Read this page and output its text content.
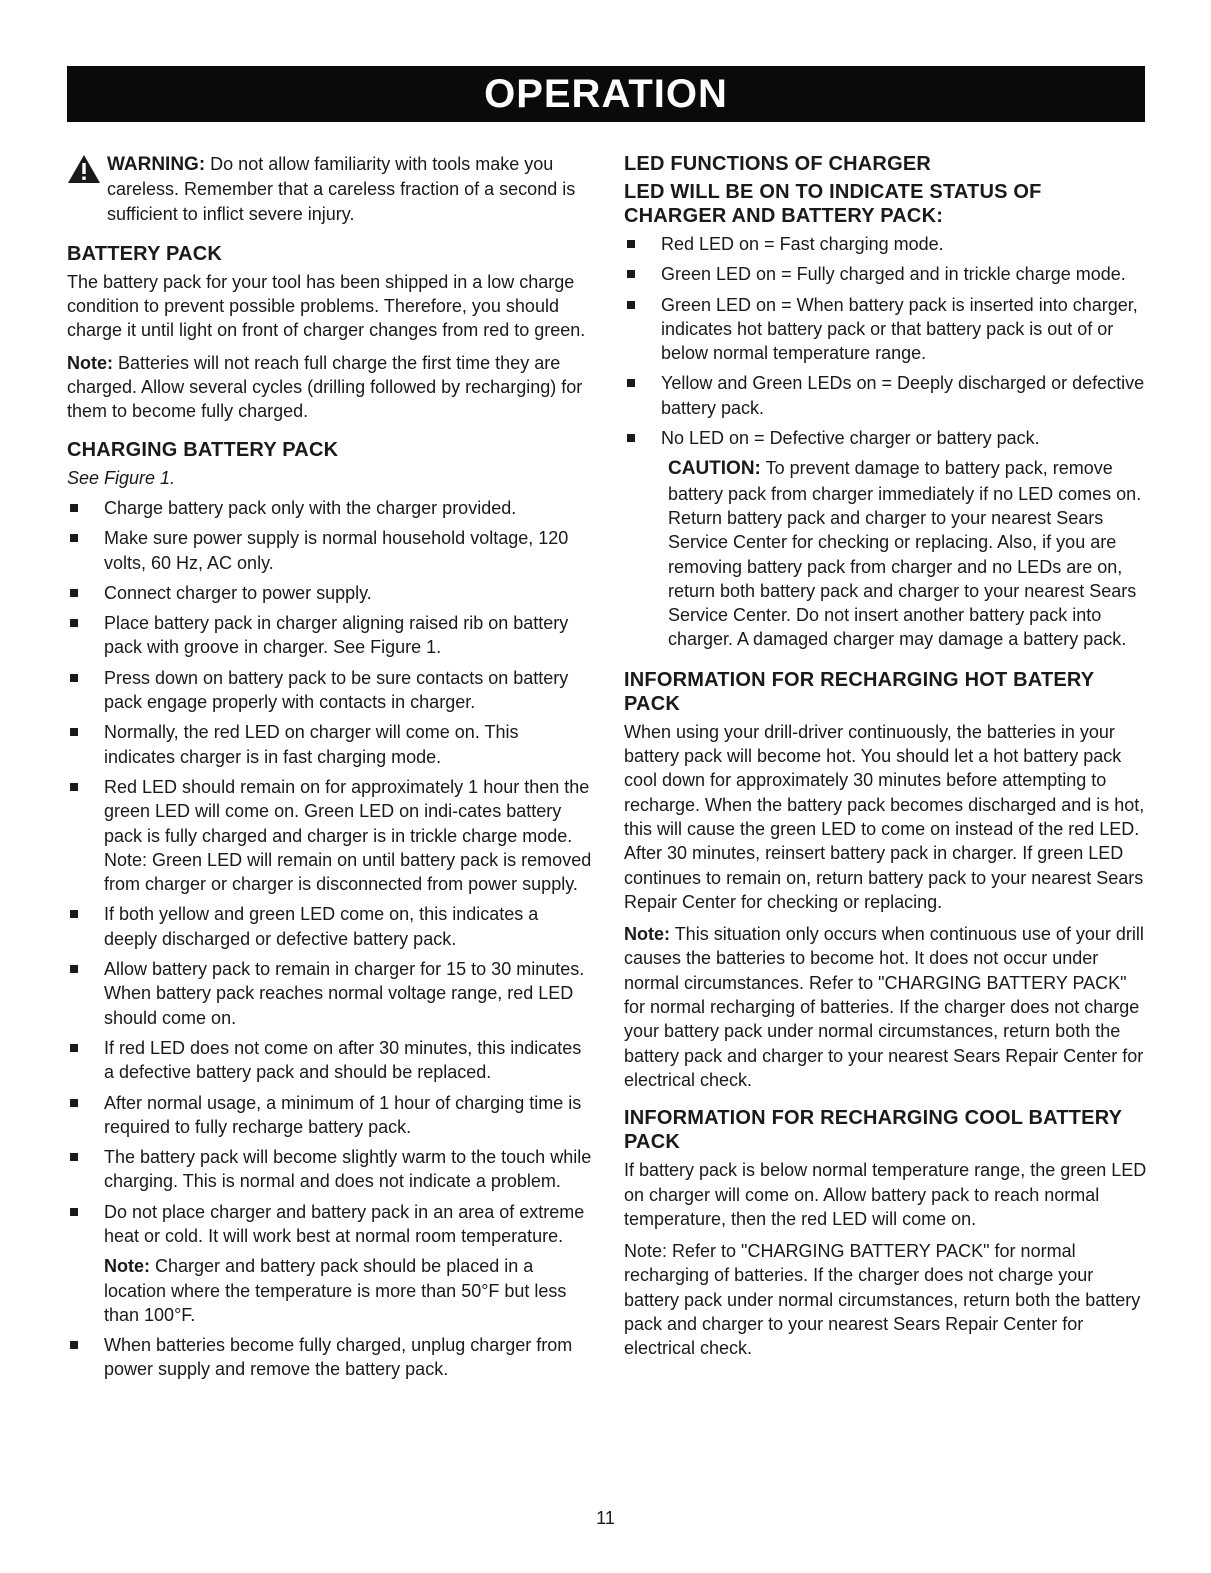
OPERATION
WARNING: Do not allow familiarity with tools make you careless. Remember that a careless fraction of a second is sufficient to inflict severe injury.
BATTERY PACK

The battery pack for your tool has been shipped in a low charge condition to prevent possible problems. Therefore, you should charge it until light on front of charger changes from red to green.

Note: Batteries will not reach full charge the first time they are charged. Allow several cycles (drilling followed by recharging) for them to become fully charged.

CHARGING BATTERY PACK

See Figure 1.

Charge battery pack only with the charger provided.
Make sure power supply is normal household voltage, 120 volts, 60 Hz, AC only.
Connect charger to power supply.
Place battery pack in charger aligning raised rib on battery pack with groove in charger. See Figure 1.
Press down on battery pack to be sure contacts on battery pack engage properly with contacts in charger.
Normally, the red LED on charger will come on. This indicates charger is in fast charging mode.
Red LED should remain on for approximately 1 hour then the green LED will come on. Green LED on indi-cates battery pack is fully charged and charger is in trickle charge mode. Note: Green LED will remain on until battery pack is removed from charger or charger is disconnected from power supply.
If both yellow and green LED come on, this indicates a deeply discharged or defective battery pack.
Allow battery pack to remain in charger for 15 to 30 minutes. When battery pack reaches normal voltage range, red LED should come on.
If red LED does not come on after 30 minutes, this indicates a defective battery pack and should be replaced.
After normal usage, a minimum of 1 hour of charging time is required to fully recharge battery pack.
The battery pack will become slightly warm to the touch while charging. This is normal and does not indicate a problem.
Do not place charger and battery pack in an area of extreme heat or cold. It will work best at normal room temperature.
Note: Charger and battery pack should be placed in a location where the temperature is more than 50°F but less than 100°F.
When batteries become fully charged, unplug charger from power supply and remove the battery pack.
LED FUNCTIONS OF CHARGER
LED WILL BE ON TO INDICATE STATUS OF CHARGER AND BATTERY PACK:
Red LED on = Fast charging mode.
Green LED on = Fully charged and in trickle charge mode.
Green LED on = When battery pack is inserted into charger, indicates hot battery pack or that battery pack is out of or below normal temperature range.
Yellow and Green LEDs on = Deeply discharged or defective battery pack.
No LED on = Defective charger or battery pack.
CAUTION: To prevent damage to battery pack, remove battery pack from charger immediately if no LED comes on. Return battery pack and charger to your nearest Sears Service Center for checking or replacing. Also, if you are removing battery pack from charger and no LEDs are on, return both battery pack and charger to your nearest Sears Service Center. Do not insert another battery pack into charger. A damaged charger may damage a battery pack.
INFORMATION FOR RECHARGING HOT BATERY PACK

When using your drill-driver continuously, the batteries in your battery pack will become hot. You should let a hot battery pack cool down for approximately 30 minutes before attempting to recharge. When the battery pack becomes discharged and is hot, this will cause the green LED to come on instead of the red LED. After 30 minutes, reinsert battery pack in charger. If green LED continues to remain on, return battery pack to your nearest Sears Repair Center for checking or replacing.

Note: This situation only occurs when continuous use of your drill causes the batteries to become hot. It does not occur under normal circumstances. Refer to "CHARGING BATTERY PACK" for normal recharging of batteries. If the charger does not charge your battery pack under normal circumstances, return both the battery pack and charger to your nearest Sears Repair Center for electrical check.

INFORMATION FOR RECHARGING COOL BATTERY PACK

If battery pack is below normal temperature range, the green LED on charger will come on. Allow battery pack to reach normal temperature, then the red LED will come on.

Note: Refer to "CHARGING BATTERY PACK" for normal recharging of batteries. If the charger does not charge your battery pack under normal circumstances, return both the battery pack and charger to your nearest Sears Repair Center for electrical check.

11
